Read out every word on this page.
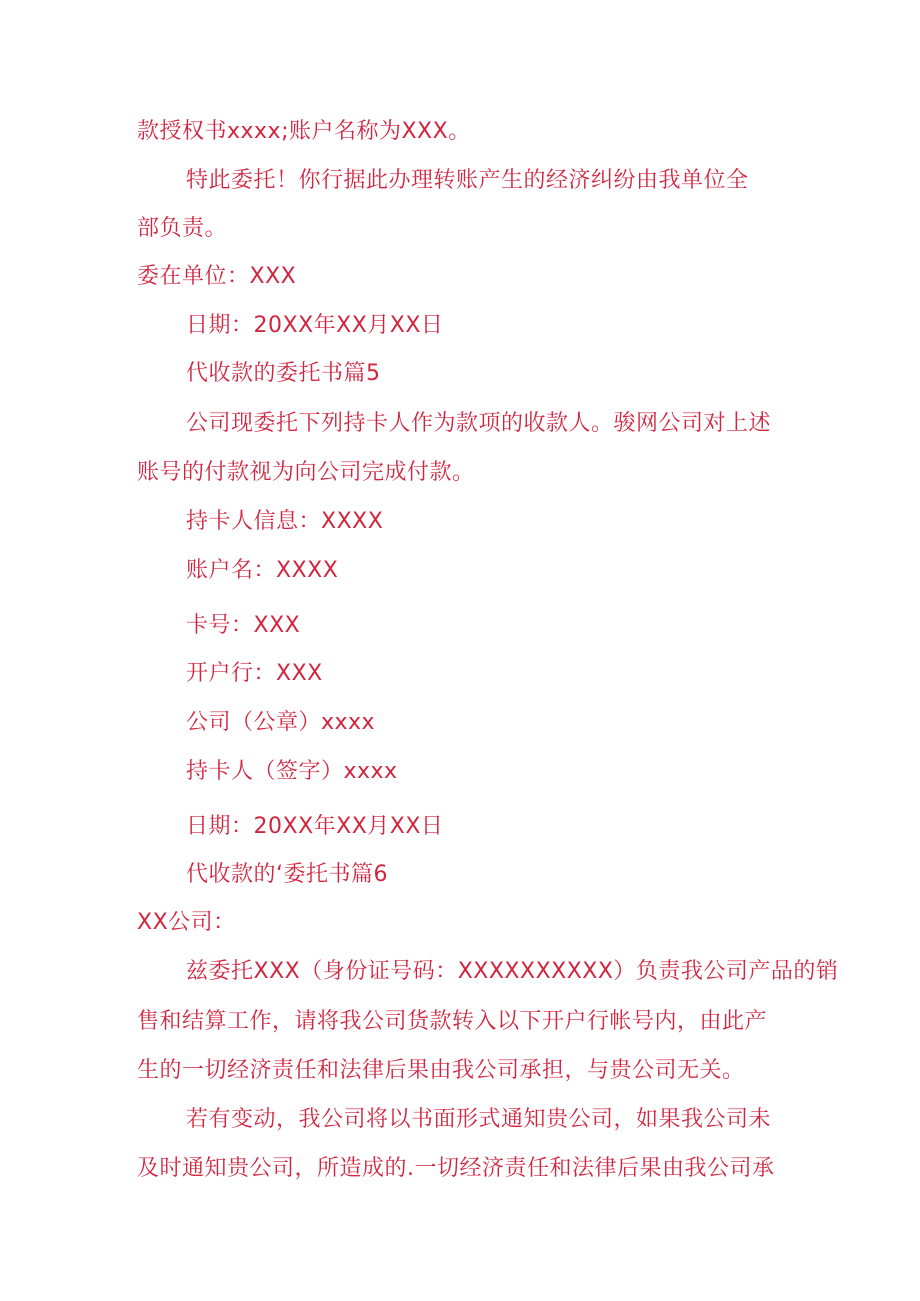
款授权书xxxx;账户名称为XXX。
特此委托！你行据此办理转账产生的经济纠纷由我单位全
部负责。
委在单位：XXX
日期：20XX年XX月XX日
代收款的委托书篇5
公司现委托下列持卡人作为款项的收款人。骏网公司对上述
账号的付款视为向公司完成付款。
持卡人信息：XXXX
账户名：XXXX
卡号：XXX
开户行：XXX
公司（公章）xxxx
持卡人（签字）xxxx
日期：20XX年XX月XX日
代收款的‘委托书篇6
XX公司：
兹委托XXX（身份证号码：XXXXXXXXXX）负责我公司产品的销
售和结算工作，请将我公司货款转入以下开户行帐号内，由此产
生的一切经济责任和法律后果由我公司承担，与贵公司无关。
若有变动，我公司将以书面形式通知贵公司，如果我公司未
及时通知贵公司，所造成的.一切经济责任和法律后果由我公司承
